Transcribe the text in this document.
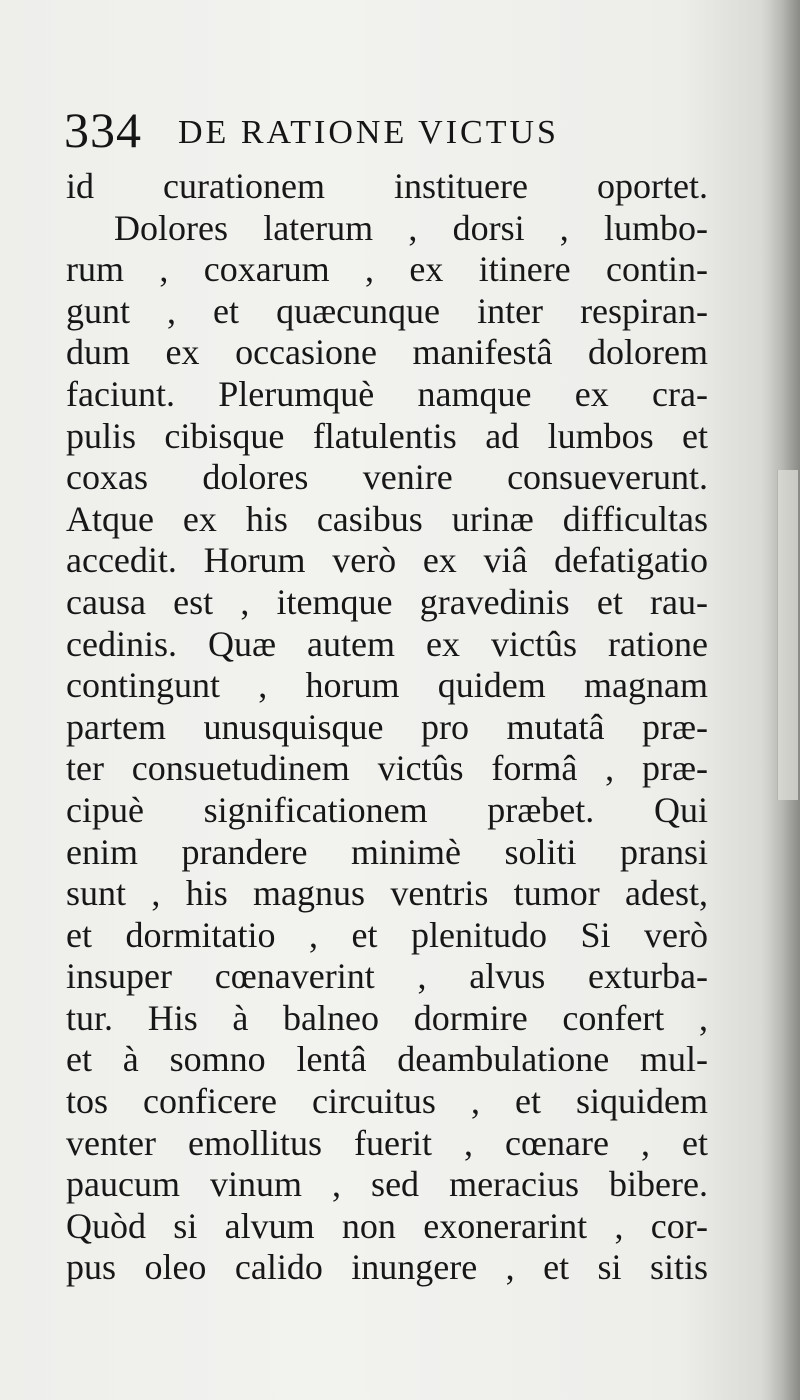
334 DE RATIONE VICTUS
id curationem instituere oportet.
Dolores laterum , dorsi , lumbo-
rum , coxarum , ex itinere contin-
gunt , et quæcunque inter respiran-
dum ex occasione manifestâ dolorem
faciunt. Plerumquè namque ex cra-
pulis cibisque flatulentis ad lumbos et
coxas dolores venire consueverunt.
Atque ex his casibus urinæ difficultas
accedit. Horum verò ex viâ defatigatio
causa est , itemque gravedinis et rau-
cedinis. Quæ autem ex victûs ratione
contingunt , horum quidem magnam
partem unusquisque pro mutatâ præ-
ter consuetudinem victûs formâ , præ-
cipuè significationem præbet. Qui
enim prandere minimè soliti pransi
sunt , his magnus ventris tumor adest,
et dormitatio , et plenitudo Si verò
insuper cœnaverint , alvus exturba-
tur. His à balneo dormire confert ,
et à somno lentâ deambulatione mul-
tos conficere circuitus , et siquidem
venter emollitus fuerit , cœnare , et
paucum vinum , sed meracius bibere.
Quòd si alvum non exonerarint , cor-
pus oleo calido inungere , et si sitis
